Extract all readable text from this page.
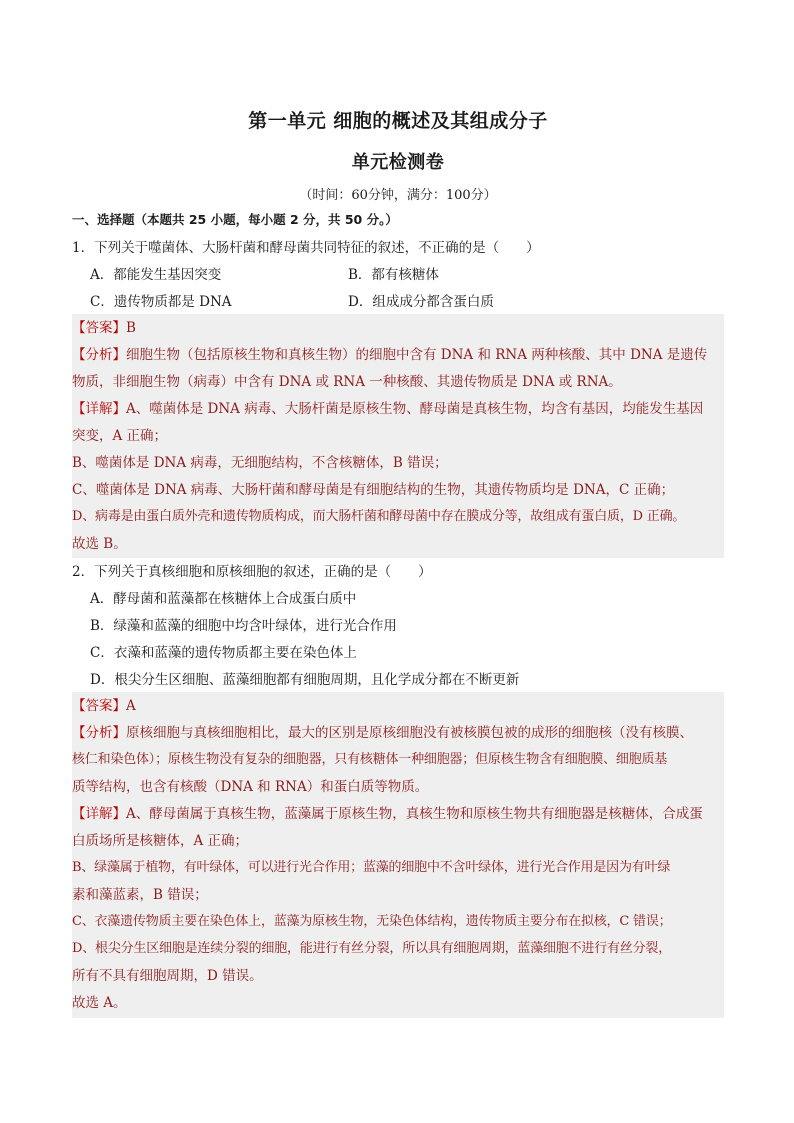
第一单元 细胞的概述及其组成分子
单元检测卷
（时间：60分钟，满分：100分）
一、选择题（本题共 25 小题，每小题 2 分，共 50 分。）
1．下列关于噬菌体、大肠杆菌和酵母菌共同特征的叙述，不正确的是（　　）
A．都能发生基因突变	B．都有核糖体
C．遗传物质都是 DNA	D．组成成分都含蛋白质
【答案】B
【分析】细胞生物（包括原核生物和真核生物）的细胞中含有 DNA 和 RNA 两种核酸、其中 DNA 是遗传
物质，非细胞生物（病毒）中含有 DNA 或 RNA 一种核酸、其遗传物质是 DNA 或 RNA。
【详解】A、噬菌体是 DNA 病毒、大肠杆菌是原核生物、酵母菌是真核生物，均含有基因，均能发生基因
突变，A 正确；
B、噬菌体是 DNA 病毒，无细胞结构，不含核糖体，B 错误；
C、噬菌体是 DNA 病毒、大肠杆菌和酵母菌是有细胞结构的生物，其遗传物质均是 DNA，C 正确；
D、病毒是由蛋白质外壳和遗传物质构成，而大肠杆菌和酵母菌中存在膜成分等，故组成有蛋白质，D 正确。
故选 B。
2．下列关于真核细胞和原核细胞的叙述，正确的是（　　）
A．酵母菌和蓝藻都在核糖体上合成蛋白质中
B．绿藻和蓝藻的细胞中均含叶绿体，进行光合作用
C．衣藻和蓝藻的遗传物质都主要在染色体上
D．根尖分生区细胞、蓝藻细胞都有细胞周期，且化学成分都在不断更新
【答案】A
【分析】原核细胞与真核细胞相比，最大的区别是原核细胞没有被核膜包被的成形的细胞核（没有核膜、
核仁和染色体）；原核生物没有复杂的细胞器，只有核糖体一种细胞器；但原核生物含有细胞膜、细胞质基
质等结构，也含有核酸（DNA 和 RNA）和蛋白质等物质。
【详解】A、酵母菌属于真核生物，蓝藻属于原核生物，真核生物和原核生物共有细胞器是核糖体，合成蛋
白质场所是核糖体，A 正确；
B、绿藻属于植物，有叶绿体，可以进行光合作用；蓝藻的细胞中不含叶绿体，进行光合作用是因为有叶绿
素和藻蓝素，B 错误；
C、衣藻遗传物质主要在染色体上，蓝藻为原核生物，无染色体结构，遗传物质主要分布在拟核，C 错误；
D、根尖分生区细胞是连续分裂的细胞，能进行有丝分裂，所以具有细胞周期，蓝藻细胞不进行有丝分裂，
所有不具有细胞周期，D 错误。
故选 A。
